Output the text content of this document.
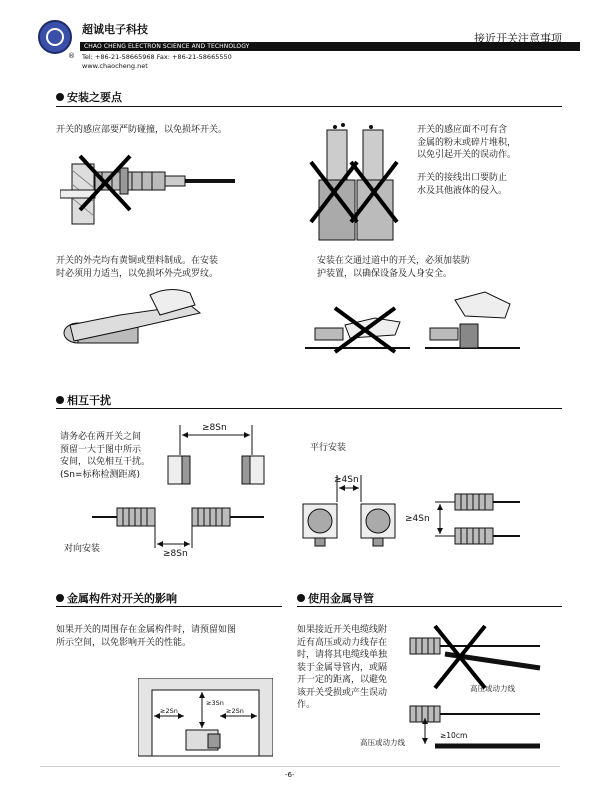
超诚电子科技
CHAO CHENG ELECTRON SCIENCE AND TECHNOLOGY
® Tel: +86-21-58665968 Fax: +86-21-58665550
www.chaocheng.net
接近开关注意事项
安装之要点
开关的感应部要严防碰撞，以免损坏开关。	开关的感应面不可有含
金属的粉末或碎片堆积，
以免引起开关的误动作。
开关的接线出口要防止
水及其他液体的侵入。
开关的外壳均有黄铜或塑料制成。在安装
时必须用力适当，以免损坏外壳或罗纹。
安装在交通过道中的开关，必须加装防
护装置，以确保设备及人身安全。
相互干扰
请务必在两开关之间
预留一大于图中所示
安间，以免相互干扰。
(Sn=标称检测距离)
≥8Sn
对向安装	≥8Sn
平行安装
≥4Sn
≥4Sn
金属构件对开关的影响
如果开关的周围存在金属构件时，请预留如图
所示空间，以免影响开关的性能。
≥3Sn
≥2Sn	≥2Sn
使用金属导管
如果接近开关电缆线附
近有高压或动力线存在
时，请将其电缆线单独
装于金属导管内，或隔
开一定的距离，以避免
该开关受损或产生误动
作。
高压或动力线
≥10cm
高压或动力线
-6-
